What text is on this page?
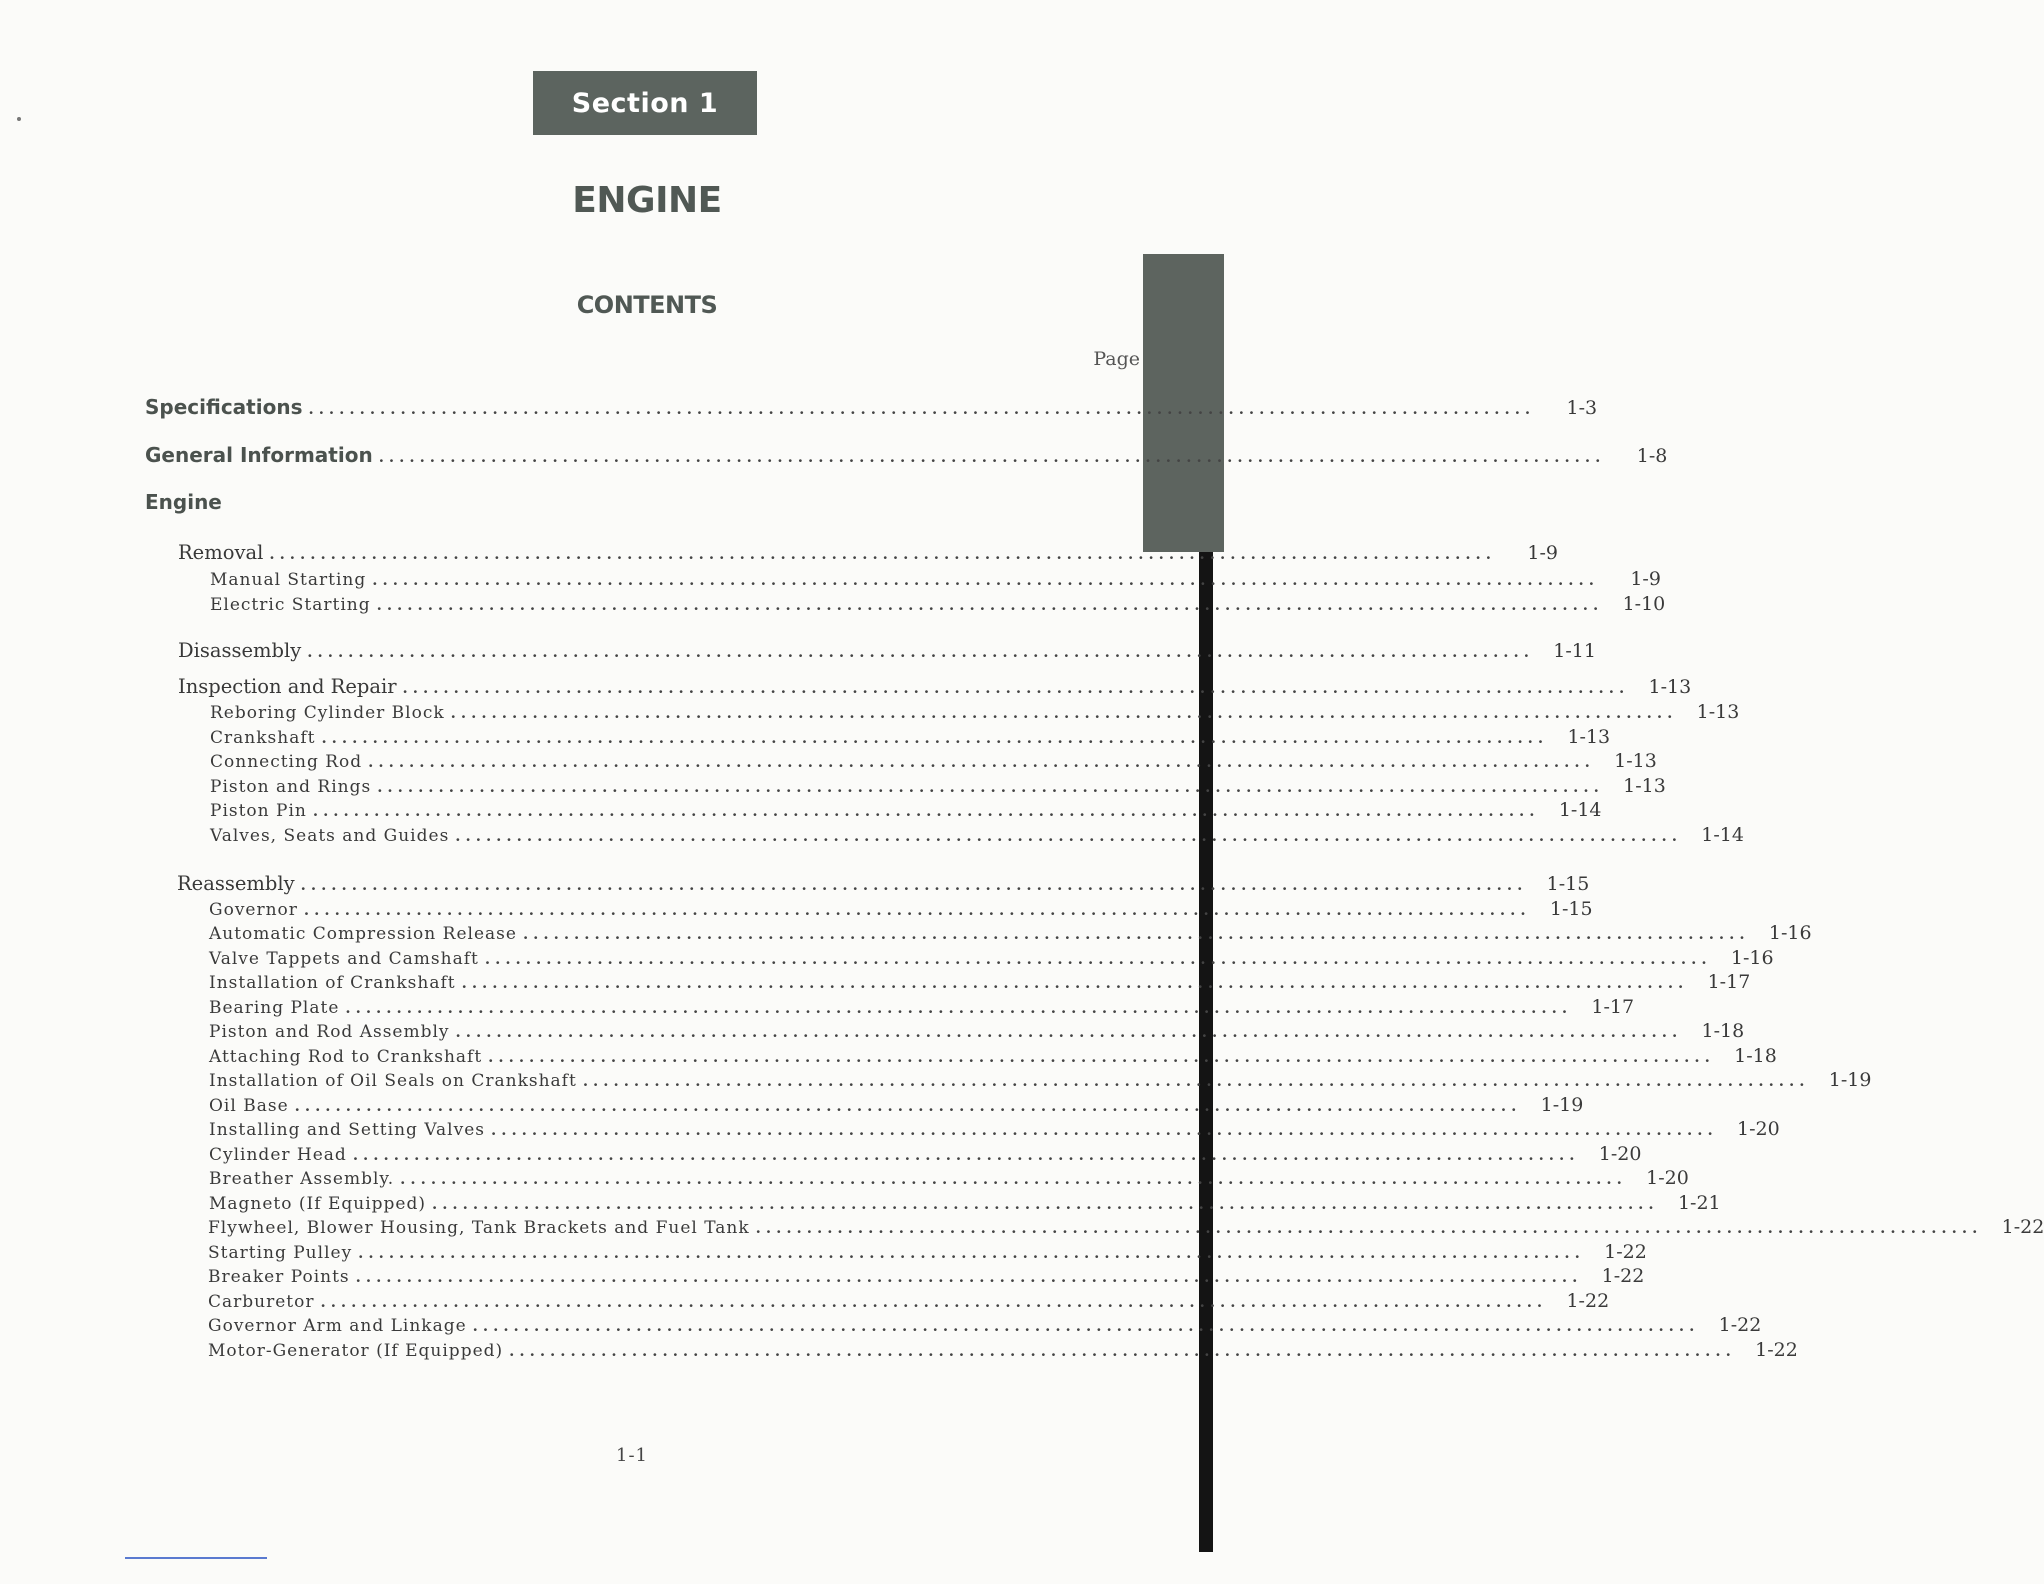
Section 1
ENGINE
CONTENTS
Page
Specifications ........................................................................................................................	1-3
General Information ........................................................................................................................	1-8
Engine
Removal ........................................................................................................................	1-9
Manual Starting ........................................................................................................................	1-9
Electric Starting ........................................................................................................................	1-10
Disassembly ........................................................................................................................	1-11
Inspection and Repair ........................................................................................................................	1-13
Reboring Cylinder Block ........................................................................................................................	1-13
Crankshaft ........................................................................................................................	1-13
Connecting Rod ........................................................................................................................	1-13
Piston and Rings ........................................................................................................................	1-13
Piston Pin ........................................................................................................................	1-14
Valves, Seats and Guides ........................................................................................................................	1-14
Reassembly ........................................................................................................................	1-15
Governor ........................................................................................................................	1-15
Automatic Compression Release ........................................................................................................................	1-16
Valve Tappets and Camshaft ........................................................................................................................	1-16
Installation of Crankshaft ........................................................................................................................	1-17
Bearing Plate ........................................................................................................................	1-17
Piston and Rod Assembly ........................................................................................................................	1-18
Attaching Rod to Crankshaft ........................................................................................................................	1-18
Installation of Oil Seals on Crankshaft ........................................................................................................................	1-19
Oil Base ........................................................................................................................	1-19
Installing and Setting Valves ........................................................................................................................	1-20
Cylinder Head ........................................................................................................................	1-20
Breather Assembly. ........................................................................................................................	1-20
Magneto (If Equipped) ........................................................................................................................	1-21
Flywheel, Blower Housing, Tank Brackets and Fuel Tank ........................................................................................................................	1-22
Starting Pulley ........................................................................................................................	1-22
Breaker Points ........................................................................................................................	1-22
Carburetor ........................................................................................................................	1-22
Governor Arm and Linkage ........................................................................................................................	1-22
Motor-Generator (If Equipped) ........................................................................................................................	1-22
1-1
